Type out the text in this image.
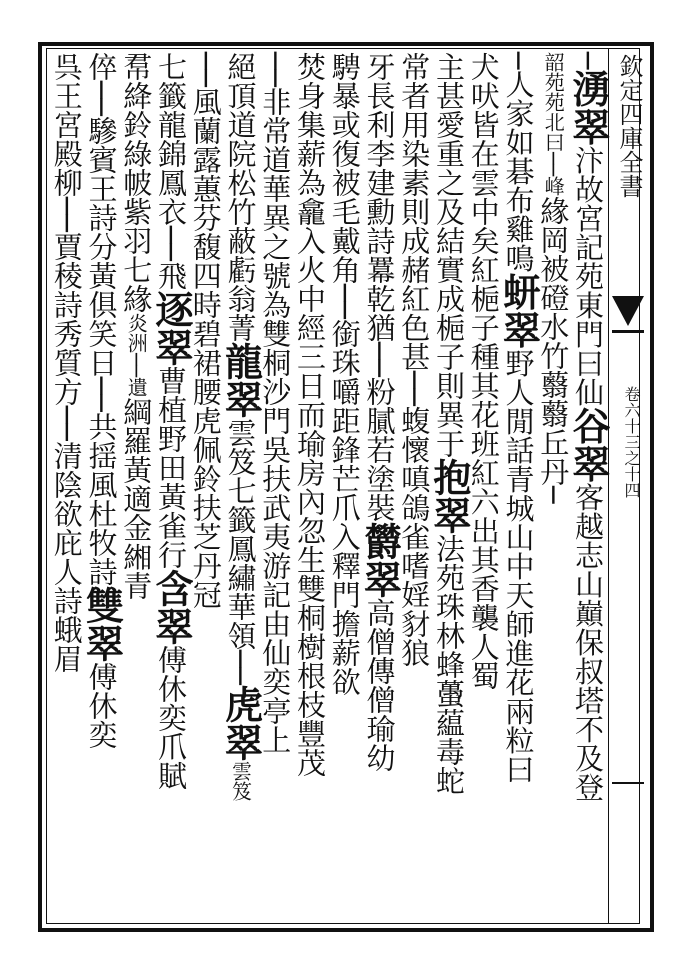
欽定四庫全書
卷六十三之十四
─湧翠汴故宮記苑東門曰仙谷翠客越志山巔保叔塔不及登
韶苑苑北曰──峰緣岡被磴水竹蘙蘙丘丹─
─人家如碁布雞鳴蚈翠野人閒話青城山中天師進花兩粒曰
犬吠皆在雲中矣紅梔子種其花班紅六出其香襲人蜀
主甚愛重之及結實成梔子則異于抱翠法苑珠林蜂蠆藴毒蛇
常者用染素則成赭紅色甚──蝮懷嗔鴿雀嗜婬豺狼
牙長利李建勳詩羃乾猶──粉膩若塗裝欝翠高僧傳僧瑜幼
騁暴或復被毛戴角──銜珠嚼距鋒芒爪入釋門擔薪欲
焚身集薪為龕入火中經三日而瑜房內忽生雙桐樹根枝豐茂
──非常道華異之號為雙桐沙門吳扶武夷游記由仙奕亭上
絕頂道院松竹蔽虧翁菁龍翠雲笈七籤鳳繡華領──虎翠雲笈
──風蘭露蕙芬馥四時碧裙腰虎佩鈴扶芝丹冠
七籤龍錦鳳衣──飛逐翠曹植野田黃雀行含翠傅休奕爪賦
帬絳鈴綠帔紫羽七緣炎洲──遺綱羅黃適金緗青
倅──驂賓王詩分黃俱笑日──共揺風杜牧詩雙翠傅休奕
呉王宮殿柳──賈稜詩秀質方──清陰欲庇人詩蛾眉
